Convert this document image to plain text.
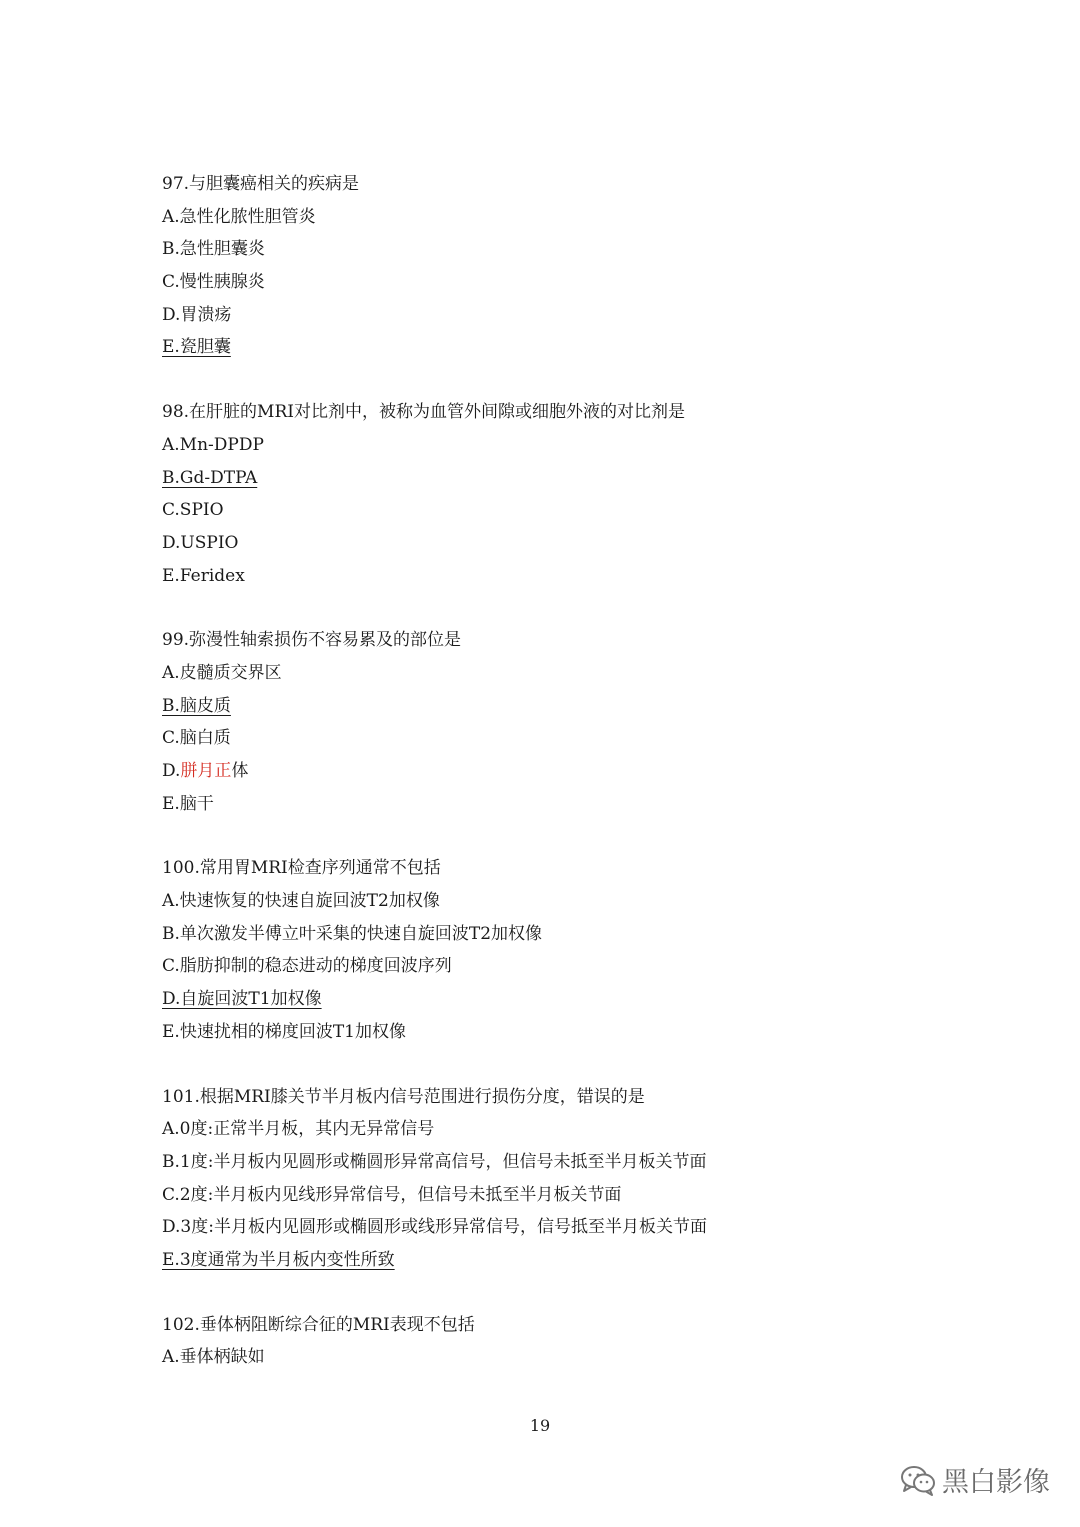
97.与胆囊癌相关的疾病是
A.急性化脓性胆管炎
B.急性胆囊炎
C.慢性胰腺炎
D.胃溃疡
E.瓷胆囊
98.在肝脏的MRI对比剂中，被称为血管外间隙或细胞外液的对比剂是
A.Mn-DPDP
B.Gd-DTPA
C.SPIO
D.USPIO
E.Feridex
99.弥漫性轴索损伤不容易累及的部位是
A.皮髓质交界区
B.脑皮质
C.脑白质
D.胼月正体
E.脑干
100.常用胃MRI检查序列通常不包括
A.快速恢复的快速自旋回波T2加权像
B.单次激发半傅立叶采集的快速自旋回波T2加权像
C.脂肪抑制的稳态进动的梯度回波序列
D.自旋回波T1加权像
E.快速扰相的梯度回波T1加权像
101.根据MRI膝关节半月板内信号范围进行损伤分度，错误的是
A.0度:正常半月板，其内无异常信号
B.1度:半月板内见圆形或椭圆形异常高信号，但信号未抵至半月板关节面
C.2度:半月板内见线形异常信号，但信号未抵至半月板关节面
D.3度:半月板内见圆形或椭圆形或线形异常信号，信号抵至半月板关节面
E.3度通常为半月板内变性所致
102.垂体柄阻断综合征的MRI表现不包括
A.垂体柄缺如
19
黑白影像
